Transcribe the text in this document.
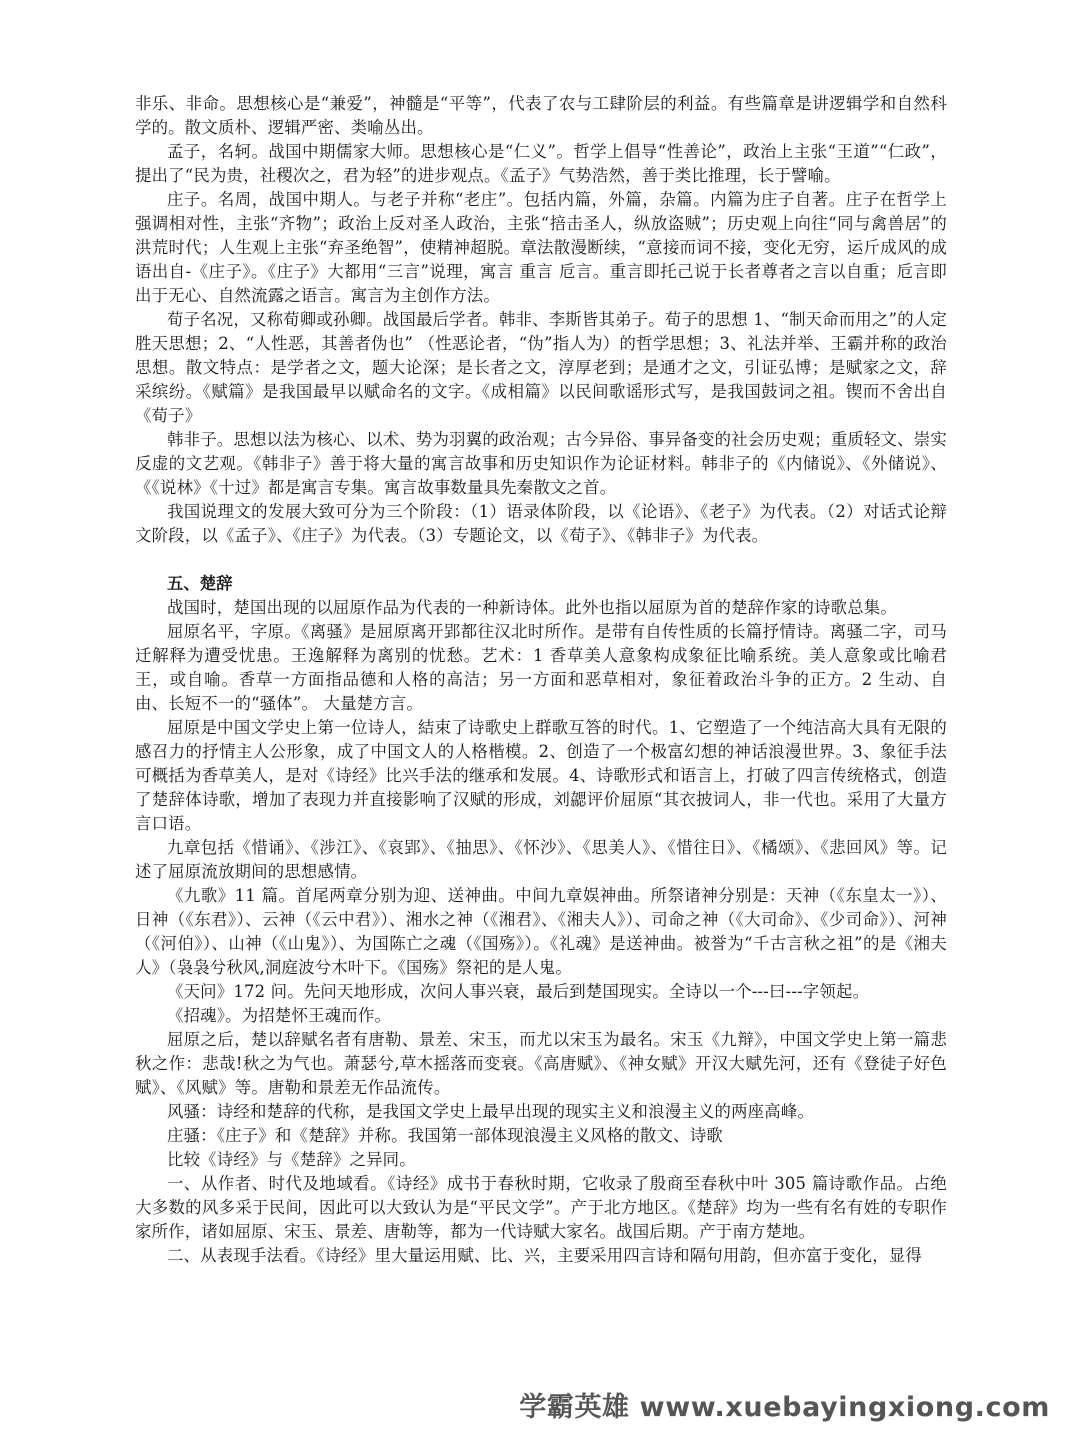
非乐、非命。思想核心是“兼爱”，神髓是“平等”，代表了农与工肆阶层的利益。有些篇章是讲逻辑学和自然科学的。散文质朴、逻辑严密、类喻丛出。

孟子，名轲。战国中期儒家大师。思想核心是“仁义”。哲学上倡导“性善论”，政治上主张“王道”“仁政”，提出了“民为贵，社稷次之，君为轻”的进步观点。《孟子》气势浩然，善于类比推理，长于譬喻。

庄子。名周，战国中期人。与老子并称“老庄”。包括内篇，外篇，杂篇。内篇为庄子自著。庄子在哲学上强调相对性，主张“齐物”；政治上反对圣人政治，主张“掊击圣人，纵放盗贼”；历史观上向往“同与禽兽居”的洪荒时代；人生观上主张“弃圣绝智”，使精神超脱。章法散漫断续，“意接而词不接，变化无穷，运斤成风的成语出自-《庄子》。《庄子》大都用“三言”说理，寓言 重言 卮言。重言即托己说于长者尊者之言以自重；卮言即出于无心、自然流露之语言。寓言为主创作方法。

荀子名况，又称荀卿或孙卿。战国最后学者。韩非、李斯皆其弟子。荀子的思想 1、“制天命而用之”的人定胜天思想；2、“人性恶，其善者伪也” （性恶论者，“伪”指人为）的哲学思想；3、礼法并举、王霸并称的政治思想。散文特点：是学者之文，题大论深；是长者之文，淳厚老到；是通才之文，引证弘博；是赋家之文，辞采缤纷。《赋篇》是我国最早以赋命名的文字。《成相篇》以民间歌谣形式写，是我国鼓词之祖。锲而不舍出自《荀子》

韩非子。思想以法为核心、以术、势为羽翼的政治观；古今异俗、事异备变的社会历史观；重质轻文、崇实反虚的文艺观。《韩非子》善于将大量的寓言故事和历史知识作为论证材料。韩非子的《内储说》、《外储说》、《《说林》《十过》都是寓言专集。寓言故事数量具先秦散文之首。

我国说理文的发展大致可分为三个阶段：（1）语录体阶段，以《论语》、《老子》为代表。（2）对话式论辩文阶段，以《孟子》、《庄子》为代表。（3）专题论文，以《荀子》、《韩非子》为代表。

五、楚辞

战国时，楚国出现的以屈原作品为代表的一种新诗体。此外也指以屈原为首的楚辞作家的诗歌总集。

屈原名平，字原。《离骚》是屈原离开郢都往汉北时所作。是带有自传性质的长篇抒情诗。离骚二字，司马迁解释为遭受忧患。王逸解释为离别的忧愁。艺术：1 香草美人意象构成象征比喻系统。美人意象或比喻君王，或自喻。香草一方面指品德和人格的高洁；另一方面和恶草相对，象征着政治斗争的正方。2 生动、自由、长短不一的“骚体”。 大量楚方言。

屈原是中国文学史上第一位诗人，結束了诗歌史上群歌互答的时代。1、它塑造了一个纯洁高大具有无限的感召力的抒情主人公形象，成了中国文人的人格楷模。2、创造了一个极富幻想的神话浪漫世界。3、象征手法可概括为香草美人，是对《诗经》比兴手法的继承和发展。4、诗歌形式和语言上，打破了四言传统格式，创造了楚辞体诗歌，增加了表现力并直接影响了汉赋的形成，刘勰评价屈原“其衣披词人，非一代也。采用了大量方言口语。

九章包括《惜诵》、《涉江》、《哀郢》、《抽思》、《怀沙》、《思美人》、《惜往日》、《橘颂》、《悲回风》等。记述了屈原流放期间的思想感情。

《九歌》11 篇。首尾两章分别为迎、送神曲。中间九章娱神曲。所祭诸神分别是：天神（《东皇太一》）、日神（《东君》）、云神（《云中君》）、湘水之神（《湘君》、《湘夫人》）、司命之神（《大司命》、《少司命》）、河神（《河伯》）、山神（《山鬼》）、为国陈亡之魂（《国殇》）。《礼魂》是送神曲。被誉为“千古言秋之祖”的是《湘夫人》（袅袅兮秋风,洞庭波兮木叶下。《国殇》祭祀的是人鬼。

《天问》172 问。先问天地形成，次问人事兴衰，最后到楚国现实。全诗以一个---曰---字领起。

《招魂》。为招楚怀王魂而作。

屈原之后，楚以辞赋名者有唐勒、景差、宋玉，而尤以宋玉为最名。宋玉《九辩》，中国文学史上第一篇悲秋之作：悲哉!秋之为气也。萧瑟兮,草木摇落而变衰。《高唐赋》、《神女赋》开汉大赋先河，还有《登徒子好色赋》、《风赋》等。唐勒和景差无作品流传。

风骚：诗经和楚辞的代称，是我国文学史上最早出现的现实主义和浪漫主义的两座高峰。

庄骚：《庄子》和《楚辞》并称。我国第一部体现浪漫主义风格的散文、诗歌

比较《诗经》与《楚辞》之异同。

一、从作者、时代及地域看。《诗经》成书于春秋时期，它收录了殷商至春秋中叶 305 篇诗歌作品。占绝大多数的风多采于民间，因此可以大致认为是“平民文学”。产于北方地区。《楚辞》均为一些有名有姓的专职作家所作，诸如屈原、宋玉、景差、唐勒等，都为一代诗赋大家名。战国后期。产于南方楚地。

二、从表现手法看。《诗经》里大量运用赋、比、兴，主要采用四言诗和隔句用韵，但亦富于变化，显得

学霸英雄 www.xuebayingxiong.com
